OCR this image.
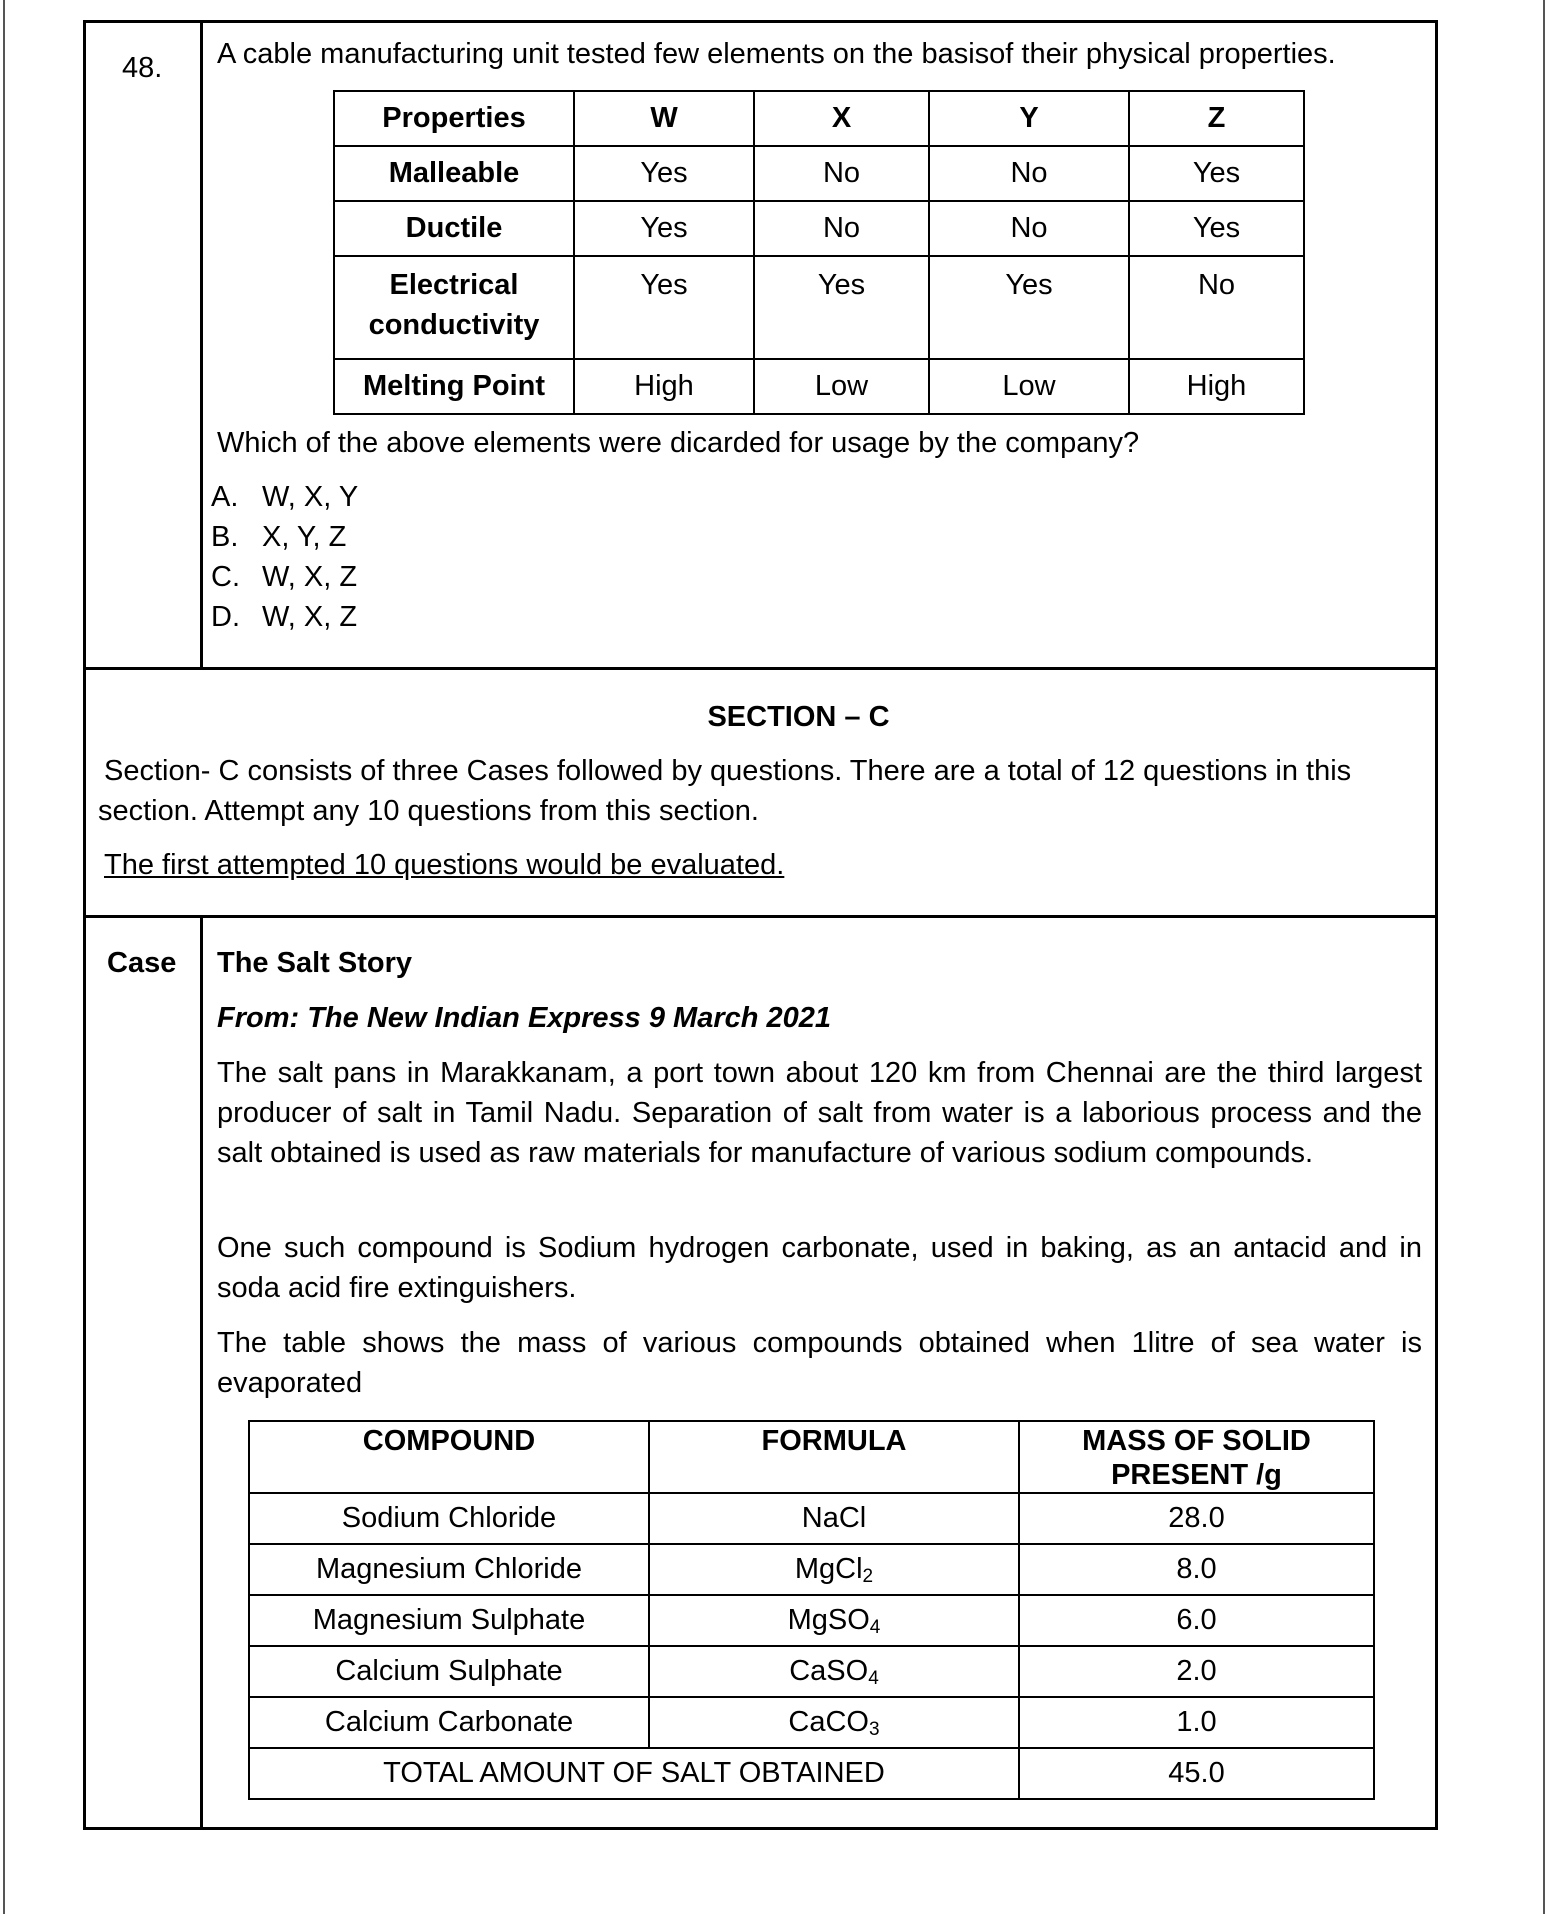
48. A cable manufacturing unit tested few elements on the basisof their physical properties.
Properties	W	X	Y	Z
Malleable	Yes	No	No	Yes
Ductile	Yes	No	No	Yes
Electrical
conductivity	Yes	Yes	Yes	No
Melting Point	High	Low	Low	High
Which of the above elements were dicarded for usage by the company?
A. W, X, Y
B. X, Y, Z
C. W, X, Z
D. W, X, Z
SECTION – C
Section- C consists of three Cases followed by questions. There are a total of 12 questions in this
section. Attempt any 10 questions from this section.
The first attempted 10 questions would be evaluated.
Case The Salt Story
From: The New Indian Express 9 March 2021
The salt pans in Marakkanam, a port town about 120 km from Chennai are the third largest producer of salt in Tamil Nadu. Separation of salt from water is a laborious process and the salt obtained is used as raw materials for manufacture of various sodium compounds.
One such compound is Sodium hydrogen carbonate, used in baking, as an antacid and in soda acid fire extinguishers.
The table shows the mass of various compounds obtained when 1litre of sea water is evaporated
COMPOUND	FORMULA	MASS OF SOLID
PRESENT /g
Sodium Chloride	NaCl	28.0
Magnesium Chloride	MgCl$_2$	8.0
Magnesium Sulphate	MgSO$_4$	6.0
Calcium Sulphate	CaSO$_4$	2.0
Calcium Carbonate	CaCO$_3$	1.0
TOTAL AMOUNT OF SALT OBTAINED		45.0
